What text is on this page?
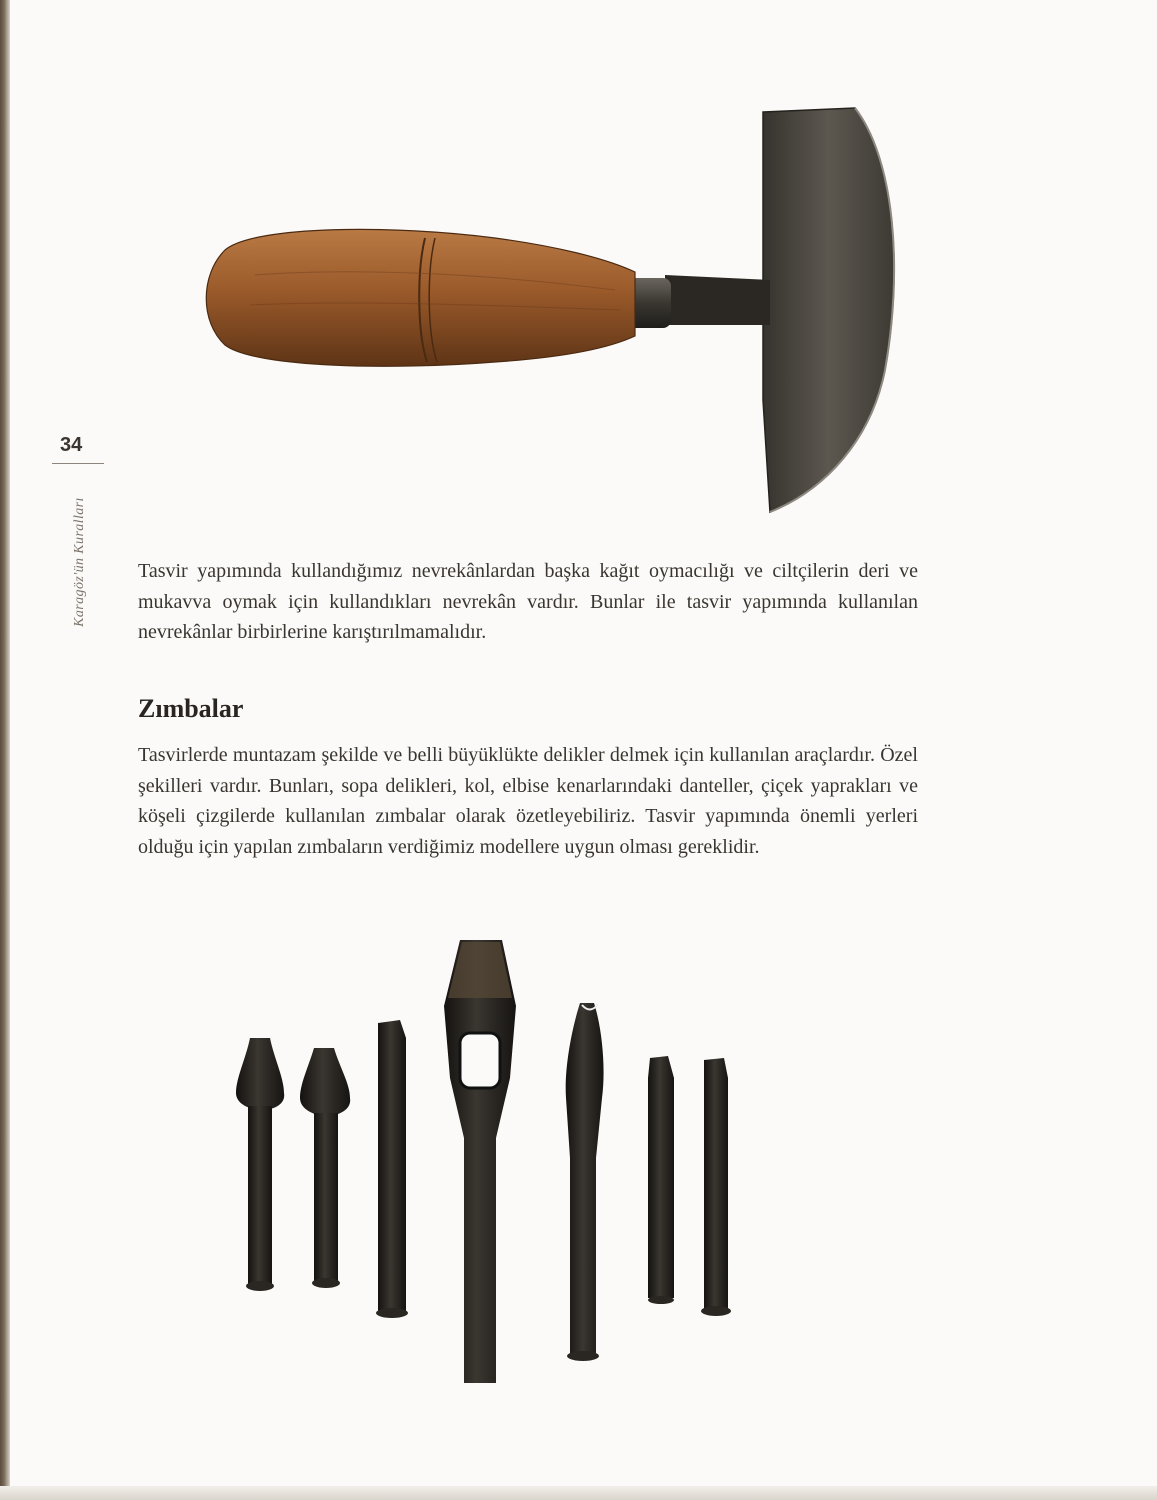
34
Karagöz'ün Kuralları	Tasvir yapımında kullandığımız nevrekânlardan başka kağıt oymacılığı ve ciltçilerin deri ve mukavva oymak için kullandıkları nevrekân vardır. Bunlar ile tasvir yapımında kullanılan nevrekânlar birbirlerine karıştırılmamalıdır.

Zımbalar

Tasvirlerde muntazam şekilde ve belli büyüklükte delikler delmek için kullanılan araçlardır. Özel şekilleri vardır. Bunları, sopa delikleri, kol, elbise kenarlarındaki danteller, çiçek yaprakları ve köşeli çizgilerde kullanılan zımbalar olarak özetleyebiliriz. Tasvir yapımında önemli yerleri olduğu için yapılan zımbaların verdiğimiz modellere uygun olması gereklidir.
